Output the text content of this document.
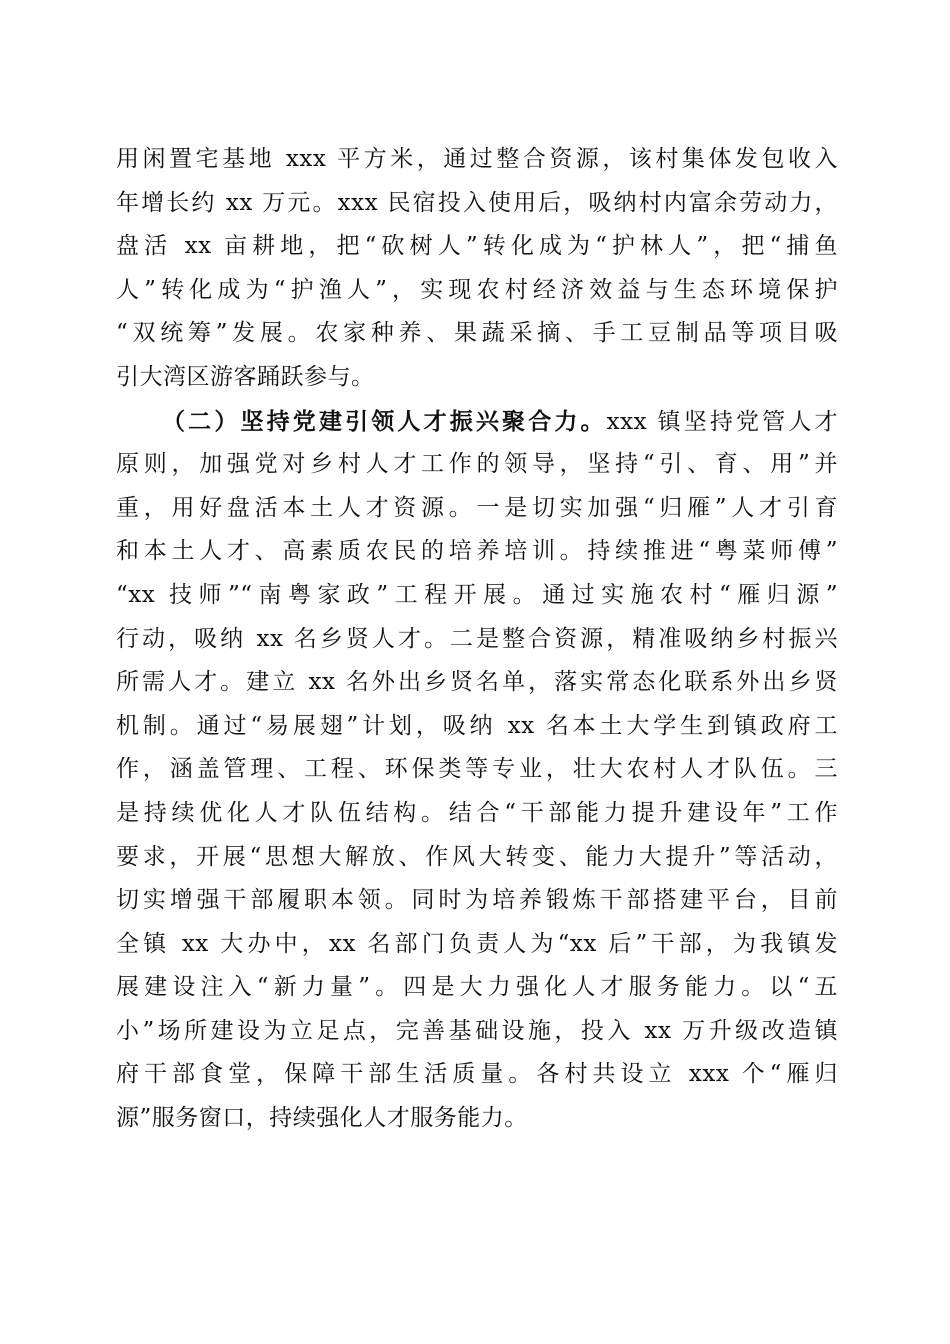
用闲置宅基地 xxx 平方米，通过整合资源，该村集体发包收入
年增长约 xx 万元。xxx 民宿投入使用后，吸纳村内富余劳动力，
盘活 xx 亩耕地，把“砍树人”转化成为“护林人”，把“捕鱼
人”转化成为“护渔人”，实现农村经济效益与生态环境保护
“双统筹”发展。农家种养、果蔬采摘、手工豆制品等项目吸
引大湾区游客踊跃参与。
（二）坚持党建引领人才振兴聚合力。xxx 镇坚持党管人才
原则，加强党对乡村人才工作的领导，坚持“引、育、用”并
重，用好盘活本土人才资源。一是切实加强“归雁”人才引育
和本土人才、高素质农民的培养培训。持续推进“粤菜师傅”
“xx 技师”“南粤家政”工程开展。通过实施农村“雁归源”
行动，吸纳 xx 名乡贤人才。二是整合资源，精准吸纳乡村振兴
所需人才。建立 xx 名外出乡贤名单，落实常态化联系外出乡贤
机制。通过“易展翅”计划，吸纳 xx 名本土大学生到镇政府工
作，涵盖管理、工程、环保类等专业，壮大农村人才队伍。三
是持续优化人才队伍结构。结合“干部能力提升建设年”工作
要求，开展“思想大解放、作风大转变、能力大提升”等活动，
切实增强干部履职本领。同时为培养锻炼干部搭建平台，目前
全镇 xx 大办中，xx 名部门负责人为“xx 后”干部，为我镇发
展建设注入“新力量”。四是大力强化人才服务能力。以“五
小”场所建设为立足点，完善基础设施，投入 xx 万升级改造镇
府干部食堂，保障干部生活质量。各村共设立 xxx 个“雁归
源”服务窗口，持续强化人才服务能力。
